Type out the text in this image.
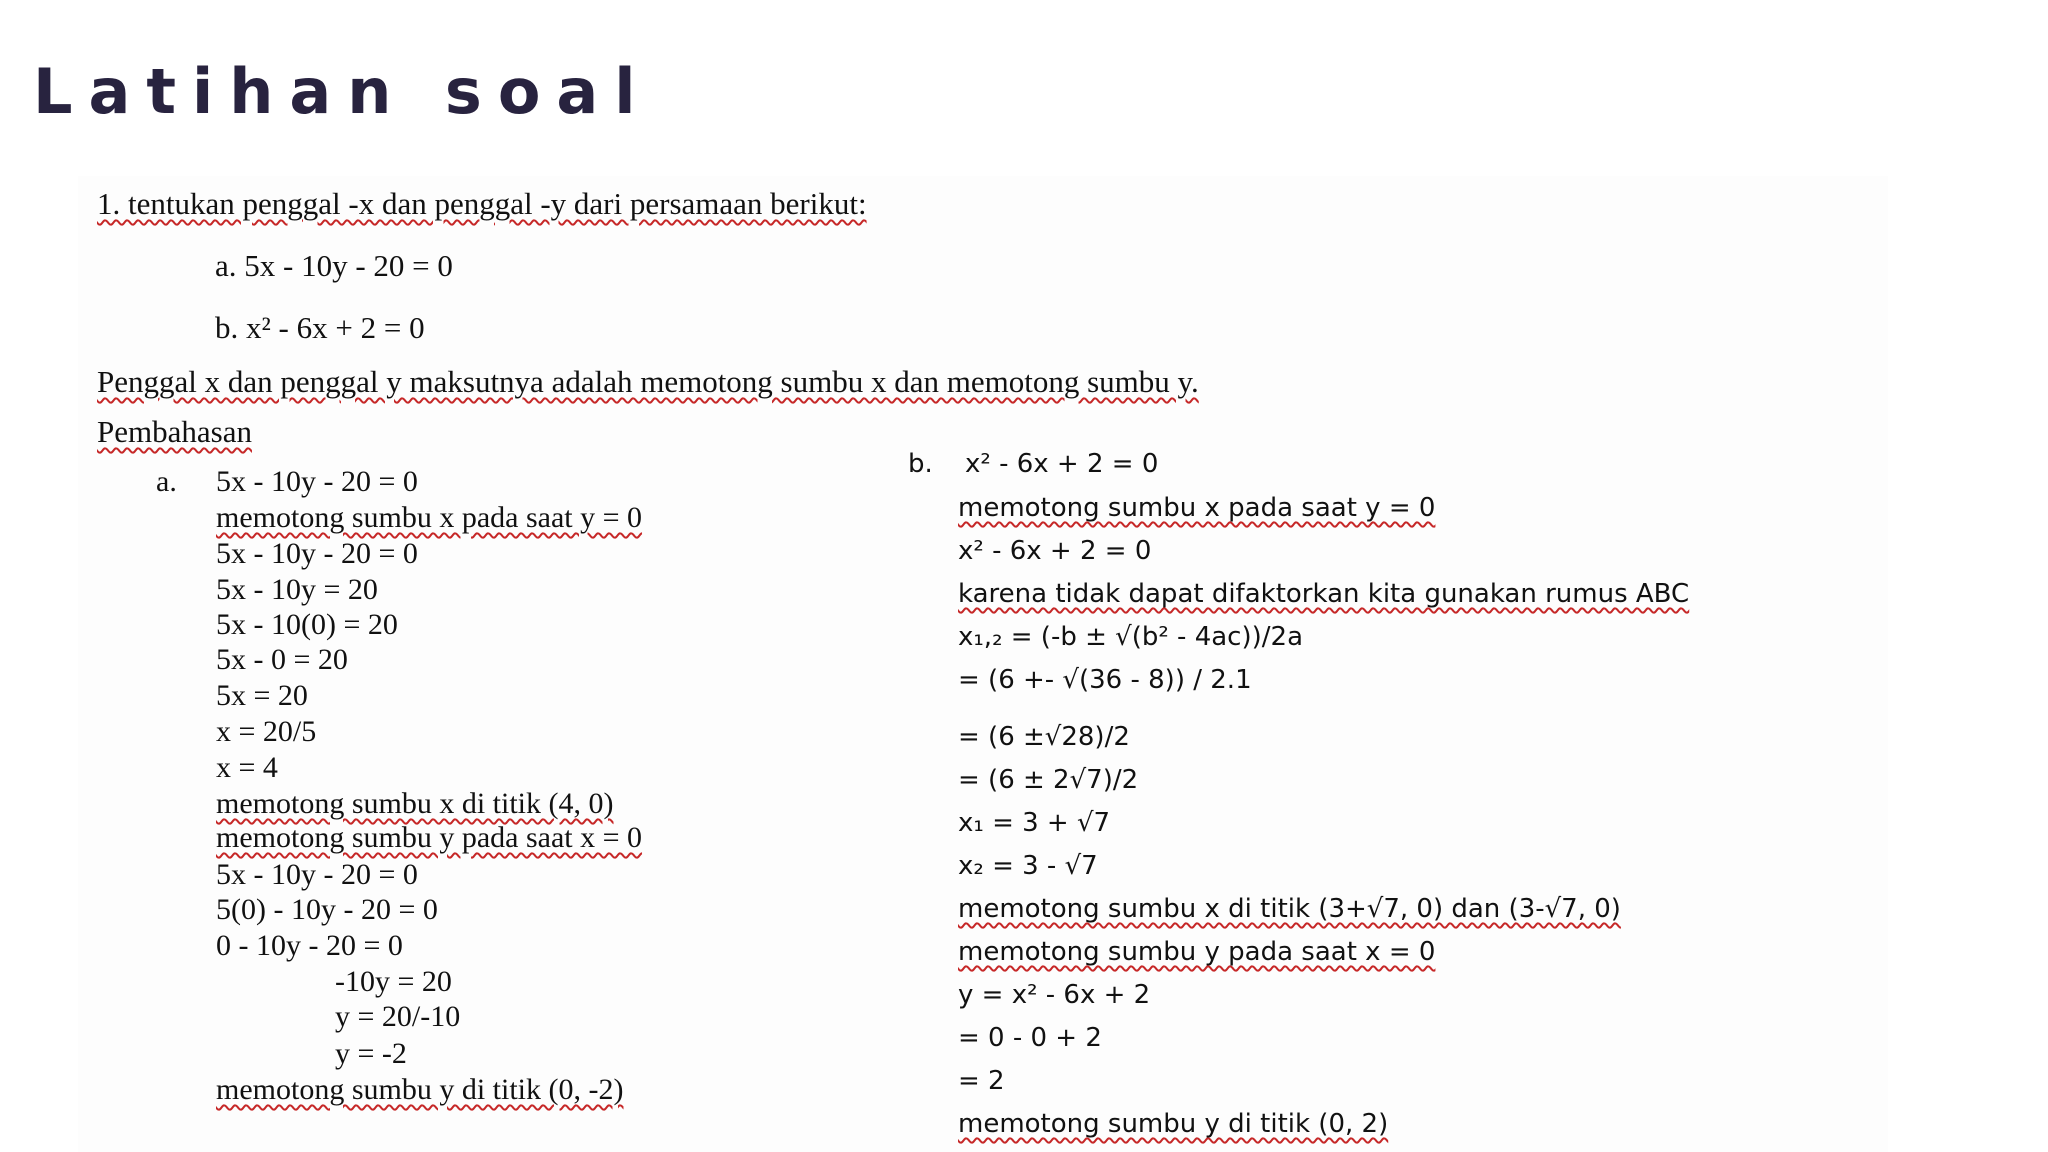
Latihan soal

1. tentukan penggal -x dan penggal -y dari persamaan berikut:

a. 5x - 10y - 20 = 0

b. x² - 6x + 2 = 0

Penggal x dan penggal y maksutnya adalah memotong sumbu x dan memotong sumbu y.

Pembahasan

a. 5x - 10y - 20 = 0

memotong sumbu x pada saat y = 0

5x - 10y - 20 = 0

5x - 10y = 20

5x - 10(0) = 20

5x - 0 = 20

5x = 20

x = 20/5

x = 4

memotong sumbu x di titik (4, 0)

memotong sumbu y pada saat x = 0

5x - 10y - 20 = 0

5(0) - 10y - 20 = 0

0 - 10y - 20 = 0

-10y = 20

y = 20/-10

y = -2

memotong sumbu y di titik (0, -2)

b. x² - 6x + 2 = 0

memotong sumbu x pada saat y = 0

x² - 6x + 2 = 0

karena tidak dapat difaktorkan kita gunakan rumus ABC

x₁,₂ = (-b ± √(b² - 4ac))/2a

= (6 +- √(36 - 8)) / 2.1

= (6 ±√28)/2

= (6 ± 2√7)/2

x₁ = 3 + √7

x₂ = 3 - √7

memotong sumbu x di titik (3+√7, 0) dan (3-√7, 0)

memotong sumbu y pada saat x = 0

y = x² - 6x + 2

= 0 - 0 + 2

= 2

memotong sumbu y di titik (0, 2)
